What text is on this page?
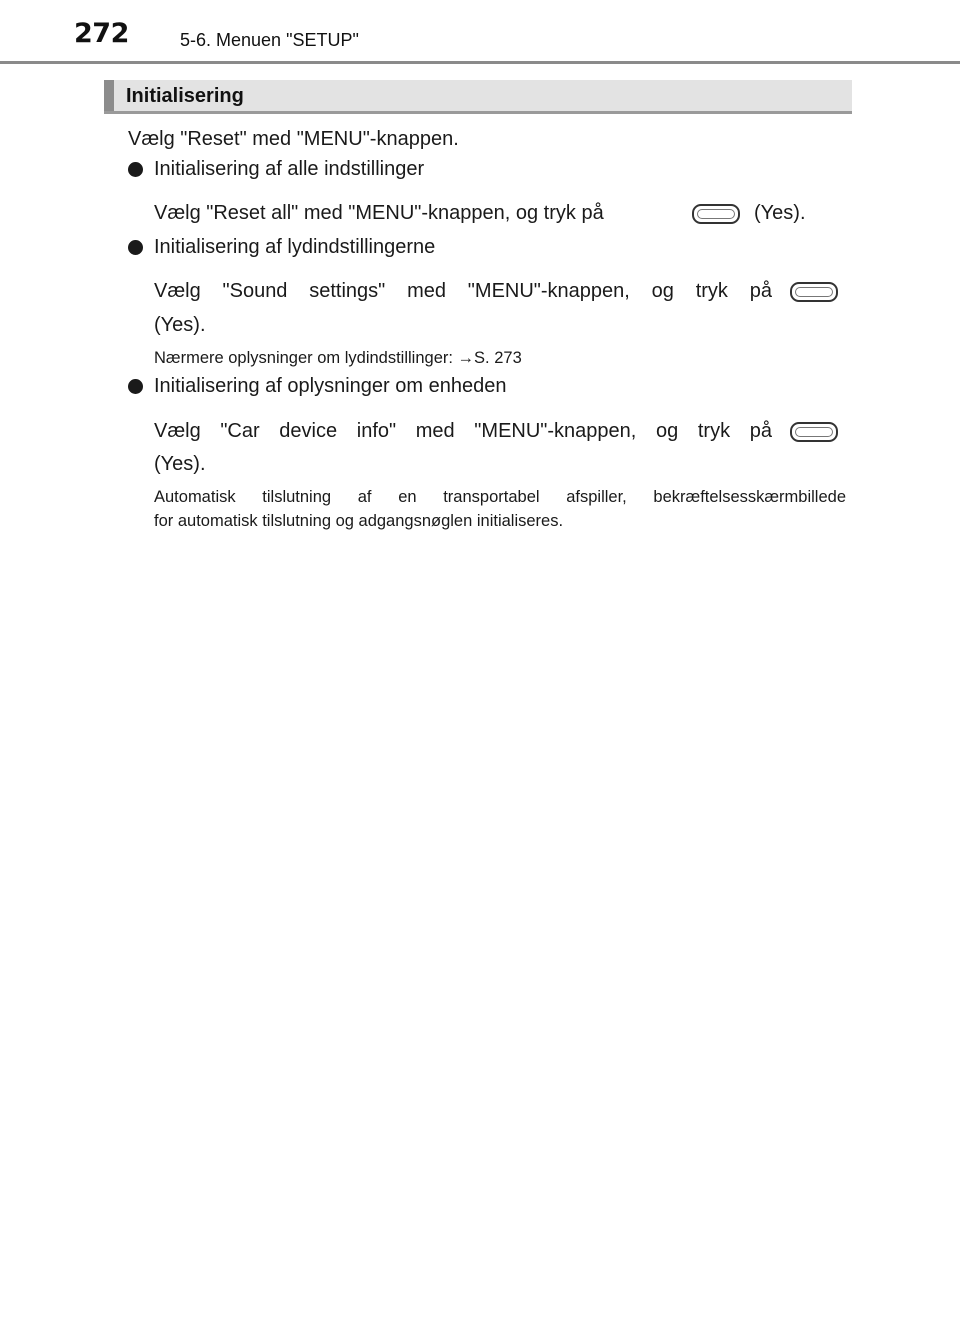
272	5-6. Menuen "SETUP"
Initialisering
Vælg "Reset" med "MENU"-knappen.
Initialisering af alle indstillinger
Vælg "Reset all" med "MENU"-knappen, og tryk på	(Yes).
Initialisering af lydindstillingerne
Vælg "Sound settings" med "MENU"-knappen, og tryk på
(Yes).
Nærmere oplysninger om lydindstillinger: →S. 273
Initialisering af oplysninger om enheden
Vælg "Car device info" med "MENU"-knappen, og tryk på
(Yes).
Automatisk tilslutning af en transportabel afspiller, bekræftelsesskærmbillede
for automatisk tilslutning og adgangsnøglen initialiseres.
